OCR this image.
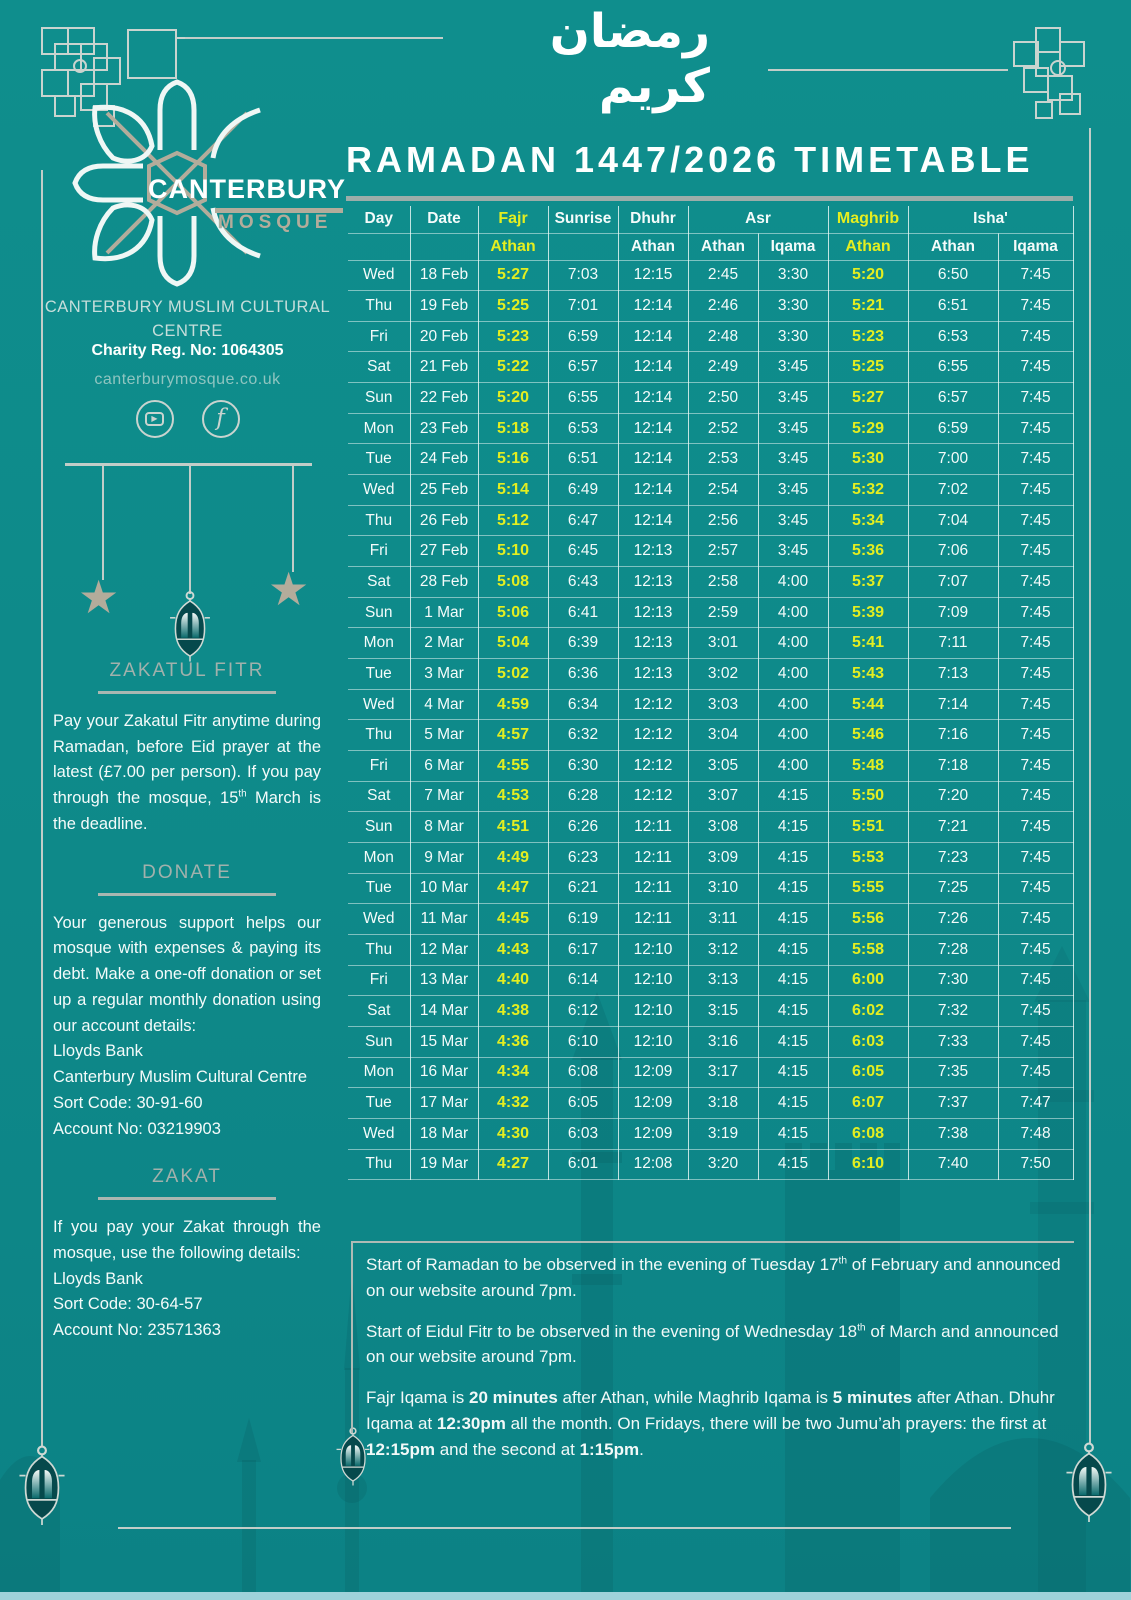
CANTERBURY
MOSQUE
CANTERBURY MUSLIM CULTURAL CENTRE
Charity Reg. No: 1064305
canterburymosque.co.uk
▶	f
★	★
ZAKATUL FITR
Pay your Zakatul Fitr anytime during Ramadan, before Eid prayer at the latest (£7.00 per person). If you pay through the mosque, 15th March is the deadline.
DONATE
Your generous support helps our mosque with expenses & paying its debt. Make a one-off donation or set up a regular monthly donation using our account details:
Lloyds Bank
Canterbury Muslim Cultural Centre
Sort Code: 30-91-60
Account No: 03219903
ZAKAT
If you pay your Zakat through the mosque, use the following details:
Lloyds Bank
Sort Code: 30-64-57
Account No: 23571363
رمضان كريم
RAMADAN 1447/2026 TIMETABLE
Day	Date	Fajr	Sunrise	Dhuhr	Asr		Maghrib	Isha'	
		Athan		Athan	Athan	Iqama	Athan	Athan	Iqama
Wed	18 Feb	5:27	7:03	12:15	2:45	3:30	5:20	6:50	7:45
Thu	19 Feb	5:25	7:01	12:14	2:46	3:30	5:21	6:51	7:45
Fri	20 Feb	5:23	6:59	12:14	2:48	3:30	5:23	6:53	7:45
Sat	21 Feb	5:22	6:57	12:14	2:49	3:45	5:25	6:55	7:45
Sun	22 Feb	5:20	6:55	12:14	2:50	3:45	5:27	6:57	7:45
Mon	23 Feb	5:18	6:53	12:14	2:52	3:45	5:29	6:59	7:45
Tue	24 Feb	5:16	6:51	12:14	2:53	3:45	5:30	7:00	7:45
Wed	25 Feb	5:14	6:49	12:14	2:54	3:45	5:32	7:02	7:45
Thu	26 Feb	5:12	6:47	12:14	2:56	3:45	5:34	7:04	7:45
Fri	27 Feb	5:10	6:45	12:13	2:57	3:45	5:36	7:06	7:45
Sat	28 Feb	5:08	6:43	12:13	2:58	4:00	5:37	7:07	7:45
Sun	1 Mar	5:06	6:41	12:13	2:59	4:00	5:39	7:09	7:45
Mon	2 Mar	5:04	6:39	12:13	3:01	4:00	5:41	7:11	7:45
Tue	3 Mar	5:02	6:36	12:13	3:02	4:00	5:43	7:13	7:45
Wed	4 Mar	4:59	6:34	12:12	3:03	4:00	5:44	7:14	7:45
Thu	5 Mar	4:57	6:32	12:12	3:04	4:00	5:46	7:16	7:45
Fri	6 Mar	4:55	6:30	12:12	3:05	4:00	5:48	7:18	7:45
Sat	7 Mar	4:53	6:28	12:12	3:07	4:15	5:50	7:20	7:45
Sun	8 Mar	4:51	6:26	12:11	3:08	4:15	5:51	7:21	7:45
Mon	9 Mar	4:49	6:23	12:11	3:09	4:15	5:53	7:23	7:45
Tue	10 Mar	4:47	6:21	12:11	3:10	4:15	5:55	7:25	7:45
Wed	11 Mar	4:45	6:19	12:11	3:11	4:15	5:56	7:26	7:45
Thu	12 Mar	4:43	6:17	12:10	3:12	4:15	5:58	7:28	7:45
Fri	13 Mar	4:40	6:14	12:10	3:13	4:15	6:00	7:30	7:45
Sat	14 Mar	4:38	6:12	12:10	3:15	4:15	6:02	7:32	7:45
Sun	15 Mar	4:36	6:10	12:10	3:16	4:15	6:03	7:33	7:45
Mon	16 Mar	4:34	6:08	12:09	3:17	4:15	6:05	7:35	7:45
Tue	17 Mar	4:32	6:05	12:09	3:18	4:15	6:07	7:37	7:47
Wed	18 Mar	4:30	6:03	12:09	3:19	4:15	6:08	7:38	7:48
Thu	19 Mar	4:27	6:01	12:08	3:20	4:15	6:10	7:40	7:50
Start of Ramadan to be observed in the evening of Tuesday 17th of February and announced on our website around 7pm.
Start of Eidul Fitr to be observed in the evening of Wednesday 18th of March and announced on our website around 7pm.
Fajr Iqama is 20 minutes after Athan, while Maghrib Iqama is 5 minutes after Athan. Dhuhr Iqama at 12:30pm all the month. On Fridays, there will be two Jumu’ah prayers: the first at 12:15pm and the second at 1:15pm.
